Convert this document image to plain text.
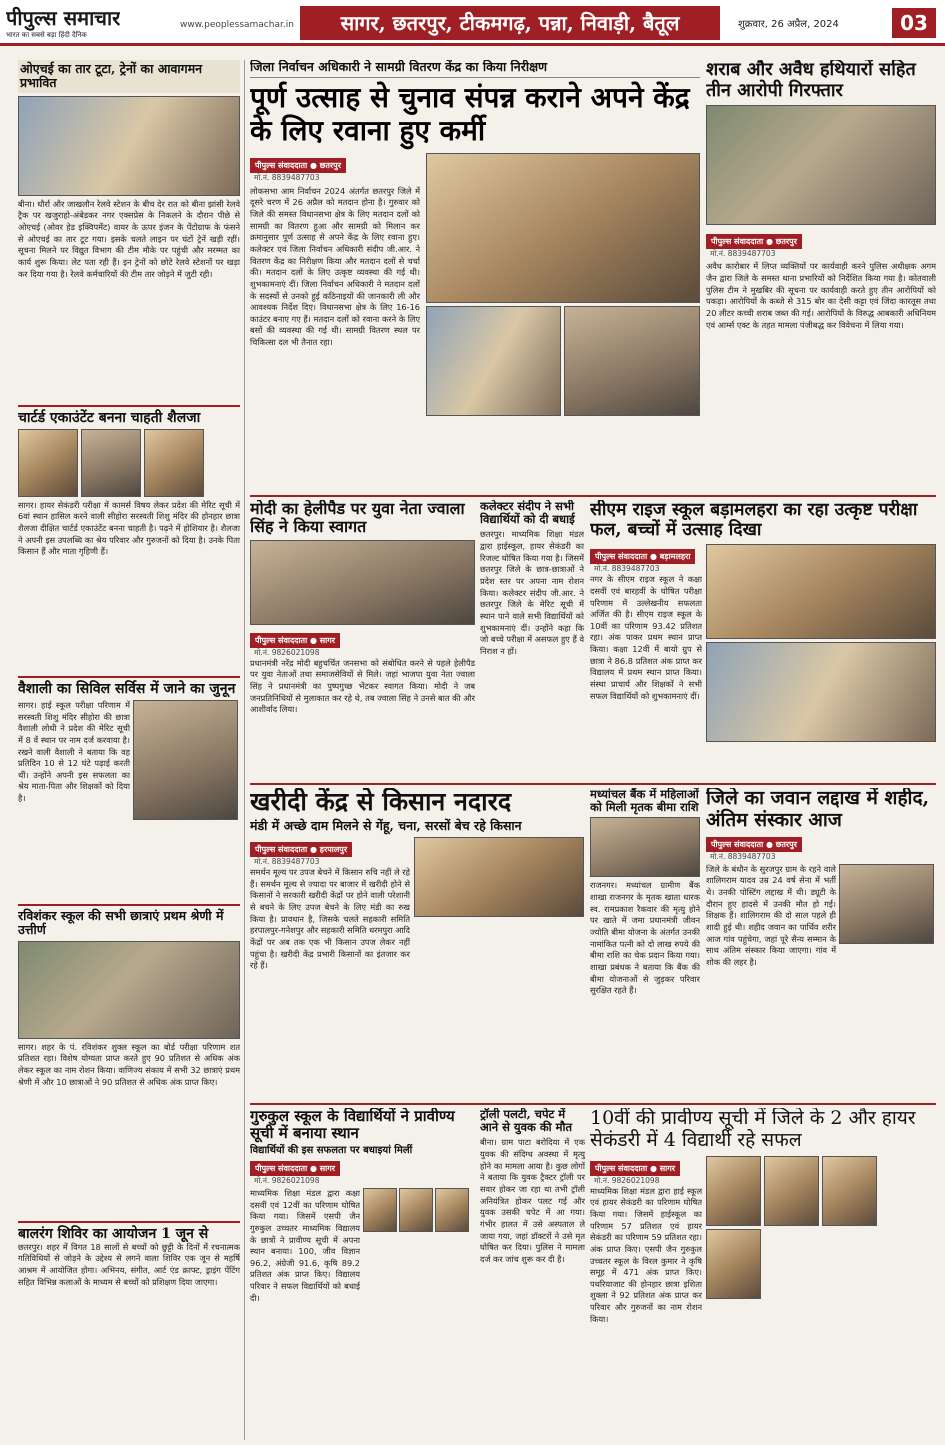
पीपुल्स समाचार
भारत का सबसे बड़ा हिंदी दैनिक
www.peoplessamachar.in	सागर, छतरपुर, टीकमगढ़, पन्ना, निवाड़ी, बैतूल	शुक्रवार, 26 अप्रैल, 2024	03
ओएचई का तार टूटा, ट्रेनों का आवागमन प्रभावित
बीना। धौर्रा और जाखलौन रेलवे स्टेशन के बीच देर रात को बीना झांसी रेलवे ट्रैक पर खजुराहो-अंबेडकर नगर एक्सप्रेस के निकलने के दौरान पीछे से ओएचई (ओवर हेड इक्विपमेंट) वायर के ऊपर इंजन के पेंटोग्राफ के फंसने से ओएचई का तार टूट गया। इसके चलते लाइन पर घंटों ट्रेनें खड़ी रहीं। सूचना मिलने पर विद्युत विभाग की टीम मौके पर पहुंची और मरम्मत का कार्य शुरू किया। लेट पता रही हैं। इन ट्रेनों को छोटे रेलवे स्टेशनों पर खड़ा कर दिया गया है। रेलवे कर्मचारियों की टीम तार जोड़ने में जुटी रही।
चार्टर्ड एकाउंटेंट बनना चाहती शैलजा
सागर। हायर सेकंडरी परीक्षा में कामर्स विषय लेकर प्रदेश की मेरिट सूची में 6वां स्थान हासिल करने वाली सीहोरा सरस्वती शिशु मंदिर की होनहार छात्रा शैलजा दीक्षित चार्टर्ड एकाउंटेंट बनना चाहती है। पढ़ने में होशियार है। शैलजा ने अपनी इस उपलब्धि का श्रेय परिवार और गुरुजनों को दिया है। उनके पिता किसान हैं और माता गृहिणी हैं।
वैशाली का सिविल सर्विस में जाने का जुनून
सागर। हाई स्कूल परीक्षा परिणाम में सरस्वती शिशु मंदिर सीहोरा की छात्रा वैशाली लोधी ने प्रदेश की मेरिट सूची में 8 वें स्थान पर नाम दर्ज करवाया है। रखने वाली वैशाली ने बताया कि वह प्रतिदिन 10 से 12 घंटे पढ़ाई करती थीं। उन्होंने अपनी इस सफलता का श्रेय माता-पिता और शिक्षकों को दिया है।
रविशंकर स्कूल की सभी छात्राएं प्रथम श्रेणी में उत्तीर्ण
सागर। शहर के पं. रविशंकर शुक्ल स्कूल का बोर्ड परीक्षा परिणाम शत प्रतिशत रहा। विशेष योग्यता प्राप्त करते हुए 90 प्रतिशत से अधिक अंक लेकर स्कूल का नाम रोशन किया। वाणिज्य संकाय में सभी 32 छात्राएं प्रथम श्रेणी में और 10 छात्राओं ने 90 प्रतिशत से अधिक अंक प्राप्त किए।
बालरंग शिविर का आयोजन 1 जून से
छतरपुर। शहर में विगत 18 सालों से बच्चों को छुट्टी के दिनों में रचनात्मक गतिविधियों से जोड़ने के उद्देश्य से लगने वाला शिविर एक जून से महर्षि आश्रम में आयोजित होगा। अभिनय, संगीत, आर्ट एंड क्राफ्ट, ड्राइंग पेंटिंग सहित विभिन्न कलाओं के माध्यम से बच्चों को प्रशिक्षण दिया जाएगा।
जिला निर्वाचन अधिकारी ने सामग्री वितरण केंद्र का किया निरीक्षण
पूर्ण उत्साह से चुनाव संपन्न कराने अपने केंद्र के लिए रवाना हुए कर्मी
पीपुल्स संवाददाता ● छतरपुर
मो.नं. 8839487703
लोकसभा आम निर्वाचन 2024 अंतर्गत छतरपुर जिले में दूसरे चरण में 26 अप्रैल को मतदान होना है। गुरुवार को जिले की समस्त विधानसभा क्षेत्र के लिए मतदान दलों को सामग्री का वितरण हुआ और सामग्री को मिलान कर क्रमानुसार पूर्ण उत्साह से अपने केंद्र के लिए रवाना हुए। कलेक्टर एवं जिला निर्वाचन अधिकारी संदीप जी.आर. ने वितरण केंद्र का निरीक्षण किया और मतदान दलों से चर्चा की। मतदान दलों के लिए उत्कृष्ट व्यवस्था की गई थी। शुभकामनाएं दीं। जिला निर्वाचन अधिकारी ने मतदान दलों के सदस्यों से उनको हुई कठिनाइयों की जानकारी ली और आवश्यक निर्देश दिए। विधानसभा क्षेत्र के लिए 16-16 काउंटर बनाए गए हैं। मतदान दलों को रवाना करने के लिए बसों की व्यवस्था की गई थी। सामग्री वितरण स्थल पर चिकित्सा दल भी तैनात रहा।
शराब और अवैध हथियारों सहित तीन आरोपी गिरफ्तार
पीपुल्स संवाददाता ● छतरपुर
मो.नं. 8839487703
अवैध कारोबार में लिप्त व्यक्तियों पर कार्यवाही करने पुलिस अधीक्षक अगम जैन द्वारा जिले के समस्त थाना प्रभारियों को निर्देशित किया गया है। कोतवाली पुलिस टीम ने मुखबिर की सूचना पर कार्यवाही करते हुए तीन आरोपियों को पकड़ा। आरोपियों के कब्जे से 315 बोर का देसी कट्टा एवं जिंदा कारतूस तथा 20 लीटर कच्ची शराब जब्त की गई। आरोपियों के विरुद्ध आबकारी अधिनियम एवं आर्म्स एक्ट के तहत मामला पंजीबद्ध कर विवेचना में लिया गया।
मोदी का हेलीपैड पर युवा नेता ज्वाला सिंह ने किया स्वागत
पीपुल्स संवाददाता ● सागर
मो.नं. 9826021098
प्रधानमंत्री नरेंद्र मोदी बहुचर्चित जनसभा को संबोधित करने से पहले हेलीपैड पर युवा नेताओं तथा समाजसेवियों से मिले। जहां भाजपा युवा नेता ज्वाला सिंह ने प्रधानमंत्री का पुष्पगुच्छ भेंटकर स्वागत किया। मोदी ने जब जनप्रतिनिधियों से मुलाकात कर रहे थे, तब ज्वाला सिंह ने उनसे बात की और आशीर्वाद लिया।
कलेक्टर संदीप ने सभी विद्यार्थियों को दी बधाई
छतरपुर। माध्यमिक शिक्षा मंडल द्वारा हाईस्कूल, हायर सेकंडरी का रिजल्ट घोषित किया गया है। जिसमें छतरपुर जिले के छात्र-छात्राओं ने प्रदेश स्तर पर अपना नाम रोशन किया। कलेक्टर संदीप जी.आर. ने छतरपुर जिले के मेरिट सूची में स्थान पाने वाले सभी विद्यार्थियों को शुभकामनाएं दीं। उन्होंने कहा कि जो बच्चे परीक्षा में असफल हुए हैं वे निराश न हों।
सीएम राइज स्कूल बड़ामलहरा का रहा उत्कृष्ट परीक्षा फल, बच्चों में उत्साह दिखा
पीपुल्स संवाददाता ● बड़ामलहरा
मो.नं. 8839487703
नगर के सीएम राइज स्कूल ने कक्षा दसवीं एवं बारहवीं के घोषित परीक्षा परिणाम में उल्लेखनीय सफलता अर्जित की है। सीएम राइज स्कूल के 10वीं का परिणाम 93.42 प्रतिशत रहा। अंक पाकर प्रथम स्थान प्राप्त किया। कक्षा 12वीं में बायो ग्रुप से छात्रा ने 86.8 प्रतिशत अंक प्राप्त कर विद्यालय में प्रथम स्थान प्राप्त किया। संस्था प्राचार्य और शिक्षकों ने सभी सफल विद्यार्थियों को शुभकामनाएं दीं।
खरीदी केंद्र से किसान नदारद
मंडी में अच्छे दाम मिलने से गेंहू, चना, सरसों बेच रहे किसान
पीपुल्स संवाददाता ● हरपालपुर
मो.नं. 8839487703
समर्थन मूल्य पर उपज बेचने में किसान रुचि नहीं ले रहे हैं। समर्थन मूल्य से ज्यादा पर बाजार में खरीदी होने से किसानों ने सरकारी खरीदी केंद्रों पर होने वाली परेशानी से बचने के लिए उपज बेचने के लिए मंडी का रुख किया है। प्रावधान है, जिसके चलते सहकारी समिति हरपालपुर-गनेशपुर और सहकारी समिति धरमपुरा आदि केंद्रों पर अब तक एक भी किसान उपज लेकर नहीं पहुंचा है। खरीदी केंद्र प्रभारी किसानों का इंतजार कर रहे हैं।
मध्यांचल बैंक में महिलाओं को मिली मृतक बीमा राशि
राजनगर। मध्यांचल ग्रामीण बैंक शाखा राजनगर के मृतक खाता धारक स्व. रामप्रकाश रैकवार की मृत्यु होने पर खाते में जमा प्रधानमंत्री जीवन ज्योति बीमा योजना के अंतर्गत उनकी नामांकित पत्नी को दो लाख रुपये की बीमा राशि का चेक प्रदान किया गया। शाखा प्रबंधक ने बताया कि बैंक की बीमा योजनाओं से जुड़कर परिवार सुरक्षित रहते हैं।
जिले का जवान लद्दाख में शहीद, अंतिम संस्कार आज
पीपुल्स संवाददाता ● छतरपुर
मो.नं. 8839487703
जिले के बंधौन के सुरजपुर ग्राम के रहने वाले शालिगराम यादव उम्र 24 वर्ष सेना में भर्ती थे। उनकी पोस्टिंग लद्दाख में थी। ड्यूटी के दौरान हुए हादसे में उनकी मौत हो गई। शिक्षक हैं। शालिगराम की दो साल पहले ही शादी हुई थी। शहीद जवान का पार्थिव शरीर आज गांव पहुंचेगा, जहां पूरे सैन्य सम्मान के साथ अंतिम संस्कार किया जाएगा। गांव में शोक की लहर है।
गुरुकुल स्कूल के विद्यार्थियों ने प्रावीण्य सूची में बनाया स्थान
विद्यार्थियों की इस सफलता पर बधाइयां मिलीं
पीपुल्स संवाददाता ● सागर
मो.नं. 9826021098
माध्यमिक शिक्षा मंडल द्वारा कक्षा दसवीं एवं 12वीं का परिणाम घोषित किया गया। जिसमें एसपी जैन गुरुकुल उच्चतर माध्यमिक विद्यालय के छात्रों ने प्रावीण्य सूची में अपना स्थान बनाया। 100, जीव विज्ञान 96.2, अंग्रेजी 91.6, कृषि 89.2 प्रतिशत अंक प्राप्त किए। विद्यालय परिवार ने सफल विद्यार्थियों को बधाई दी।
ट्रॉली पलटी, चपेट में आने से युवक की मौत
बीना। ग्राम पाटा बरोदिया में एक युवक की संदिग्ध अवस्था में मृत्यु होने का मामला आया है। कुछ लोगों ने बताया कि युवक ट्रैक्टर ट्रॉली पर सवार होकर जा रहा था तभी ट्रॉली अनियंत्रित होकर पलट गई और युवक उसकी चपेट में आ गया। गंभीर हालत में उसे अस्पताल ले जाया गया, जहां डॉक्टरों ने उसे मृत घोषित कर दिया। पुलिस ने मामला दर्ज कर जांच शुरू कर दी है।
10वीं की प्रावीण्य सूची में जिले के 2 और हायर सेकंडरी में 4 विद्यार्थी रहे सफल
पीपुल्स संवाददाता ● सागर
मो.नं. 9826021098
माध्यमिक शिक्षा मंडल द्वारा हाई स्कूल एवं हायर सेकंडरी का परिणाम घोषित किया गया। जिसमें हाईस्कूल का परिणाम 57 प्रतिशत एवं हायर सेकंडरी का परिणाम 59 प्रतिशत रहा। अंक प्राप्त किए। एसपी जैन गुरुकुल उच्चतर स्कूल के विरल कुमार ने कृषि समूह में 471 अंक प्राप्त किए। पथरियाजाट की होनहार छात्रा इशिता शुक्ला ने 92 प्रतिशत अंक प्राप्त कर परिवार और गुरुजनों का नाम रोशन किया।
